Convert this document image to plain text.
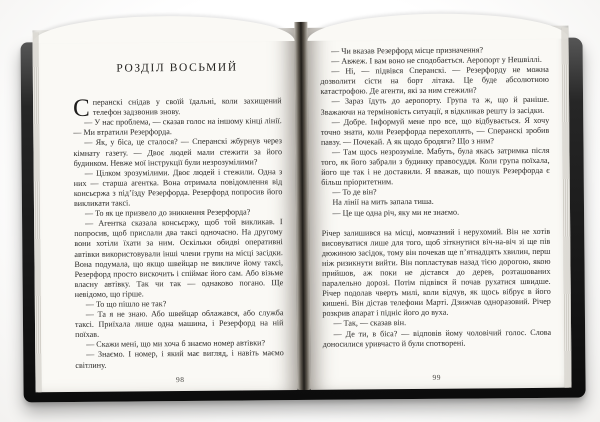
РОЗДІЛ ВОСЬМИЙ

Сперанскі снідав у своїй їдальні, коли захищений телефон задзвонив знову.

— У нас проблема, — сказав голос на іншому кінці лінії. — Ми втратили Резерфорда.

— Як, у біса, це сталося? — Сперанскі жбурнув через кімнату газету. — Двоє людей мали стежити за його будинком. Невже мої інструкції були незрозумілими?

— Цілком зрозумілими. Двоє людей і стежили. Одна з них — старша агентка. Вона отримала повідомлення від консьєржа з під’їзду Резерфорда. Резерфорд попросив його викликати таксі.

— То як це призвело до зникнення Резерфорда?

— Агентка сказала консьєржу, щоб той викликав. І попросив, щоб прислали два таксі одночасно. На другому вони хотіли їхати за ним. Оскільки обидві оперативні автівки використовували інші члени групи на місці засідки. Вона подумала, що якщо швейцар не викличе йому таксі, Резерфорд просто вискочить і спіймає його сам. Або візьме власну автівку. Так чи так — однаково погано. Ще невідомо, що гірше.

— То що пішло не так?

— Та я не знаю. Або швейцар облажався, або служба таксі. Приїхала лише одна машина, і Резерфорд на ній поїхав.

— Скажи мені, що ми хоча б знаємо номер автівки?

— Знаємо. І номер, і який має вигляд, і навіть маємо світлину.

98

— Чи вказав Резерфорд місце призначення?

— Авжеж. І вам воно не сподобається. Аеропорт у Нешвіллі.

— Ні, — підвівся Сперанскі. — Резерфорду не можна дозволити сісти на борт літака. Це буде абсолютною катастрофою. Де агенти, які за ним стежили?

— Зараз їдуть до аеропорту. Група та ж, що й раніше. Зважаючи на терміновість ситуації, я відкликав решту із засідки.

— Добре. Інформуй мене про все, що відбувається. Я хочу точно знати, коли Резерфорда перехоплять, — Сперанскі зробив павзу. — Почекай. А як щодо бродяги? Що з ним?

— Там щось незрозуміле. Мабуть, була якась затримка після того, як його забрали з будинку правосуддя. Коли група поїхала, його ще так і не доставили. Я вважав, що пошук Резерфорда є більш пріоритетним.

— То де він?

На лінії на мить запала тиша.

— Це ще одна річ, яку ми не знаємо.

Річер залишився на місці, мовчазний і нерухомий. Він не хотів висовуватися лише для того, щоб зіткнутися віч-на-віч зі ще пів дюжиною засідок, тому він почекав ще п’ятнадцять хвилин, перш ніж ризикнути вийти. Він попластував назад тією дорогою, якою прийшов, аж поки не дістався до дерев, розташованих паралельно дорозі. Потім підвівся й почав рухатися швидше. Річер подолав чверть милі, коли відчув, як щось вібрує в його кишені. Він дістав телефони Марті. Дзижчав одноразовий. Річер розкрив апарат і підніс його до вуха.

— Так, — сказав він.

— Де ти, в біса? — відповів йому чоловічий голос. Слова доносилися уривчасто й були спотворені.

99
